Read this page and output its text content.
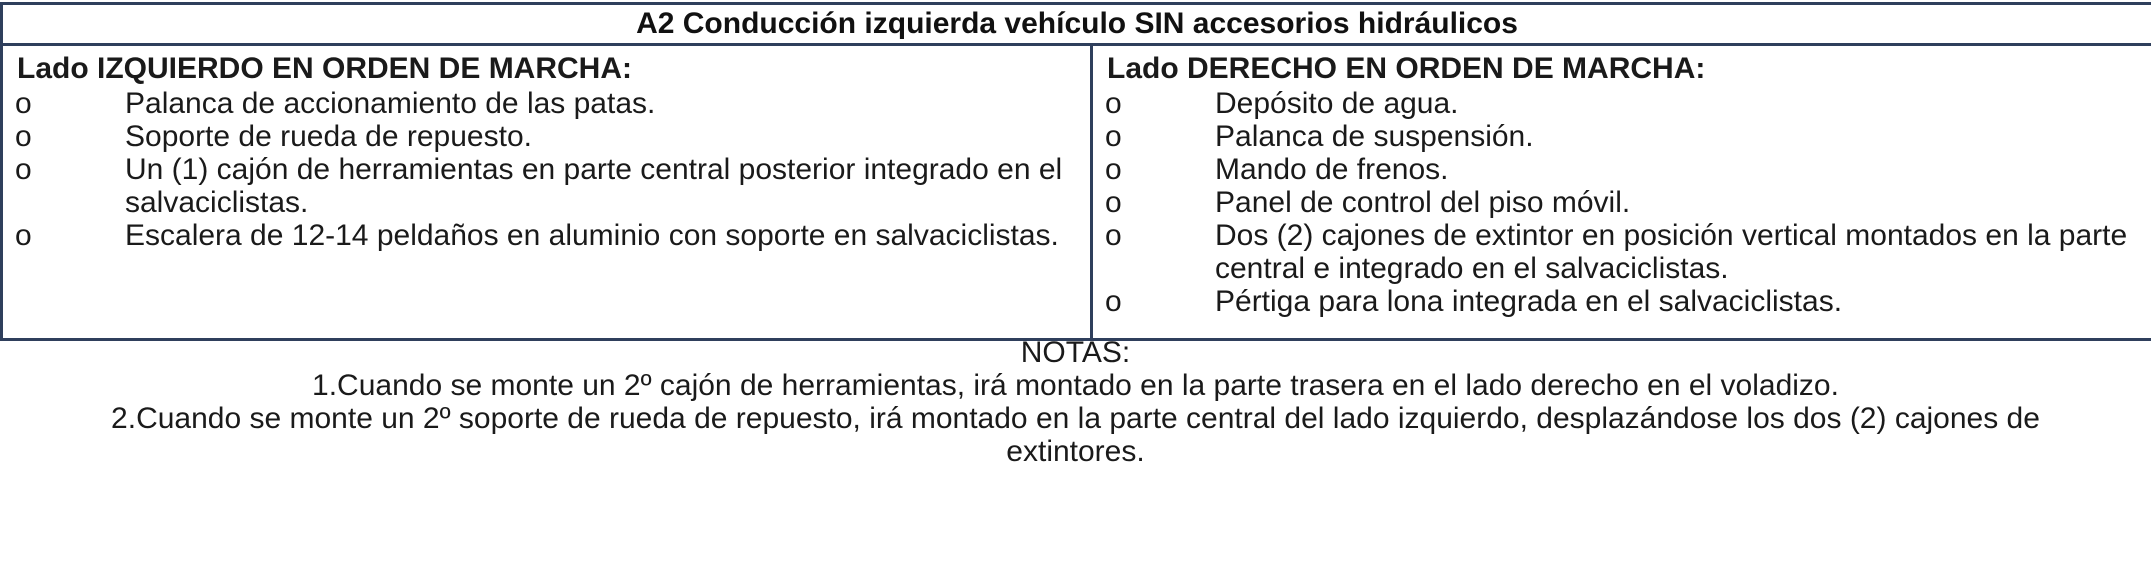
A2 Conducción izquierda vehículo SIN accesorios hidráulicos

Lado IZQUIERDO EN ORDEN DE MARCHA:
o	Palanca de accionamiento de las patas.
o	Soporte de rueda de repuesto.
o	Un (1) cajón de herramientas en parte central posterior integrado en el salvaciclistas.
o	Escalera de 12-14 peldaños en aluminio con soporte en salvaciclistas.

Lado DERECHO EN ORDEN DE MARCHA:
o	Depósito de agua.
o	Palanca de suspensión.
o	Mando de frenos.
o	Panel de control del piso móvil.
o	Dos (2) cajones de extintor en posición vertical montados en la parte central e integrado en el salvaciclistas.
o	Pértiga para lona integrada en el salvaciclistas.
NOTAS:
1.Cuando se monte un 2º cajón de herramientas, irá montado en la parte trasera en el lado derecho en el voladizo.
2.Cuando se monte un 2º soporte de rueda de repuesto, irá montado en la parte central del lado izquierdo, desplazándose los dos (2) cajones de extintores.
